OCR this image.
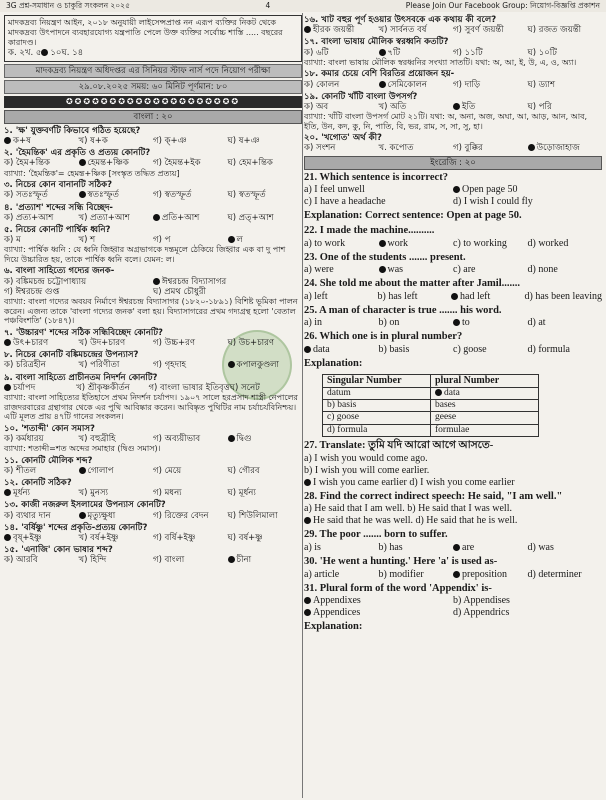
3G প্রশ্ন-সমাধান ও চাকুরি সংকলন ২০২৫	4	Please Join Our Facebook Group: নিয়োগ-বিজ্ঞপ্তি প্রকাশন
মাদকদ্রব্য নিয়ন্ত্রণ আইন, ২০১৮ অনুযায়ী লাইসেন্সপ্রাপ্ত নন এরূপ ব্যক্তির নিকট থেকে মাদকদ্রব্য উৎপাদনে ব্যবহারযোগ্য যন্ত্রপাতি পেলে উক্ত ব্যক্তির সর্বোচ্চ শাস্তি ..... বছরের কারাদণ্ড।
ক. ২ খ. ৫	১০ ঘ. ১৪
মাদকদ্রব্য নিয়ন্ত্রণ অধিদপ্তর এর সিনিয়র স্টাফ নার্স পদে নিয়োগ পরীক্ষা
২৯.০৮.২০২৫ সময়: ৬০ মিনিট পূর্ণমান: ৮০
✪✪✪✪✪✪✪✪✪✪✪✪✪✪✪✪✪✪✪✪
বাংলা : ২০
১. 'ক্ষ' যুক্তবর্ণটি কিভাবে গঠিত হয়েছে?
ক+ষ	খ) ষ+ক	গ) ক্+ঞ	ঘ) ষ+ঞ
২. 'হৈমন্তিক' এর প্রকৃতি ও প্রত্যয় কোনটি?
ক) হৈম+ন্তিক	হেমন্ত+ষ্ণিক	গ) হৈমন্ত+ইক	ঘ) হেম+ন্তিক
ব্যাখ্যা: 'হৈমন্তিক'= হেমন্ত+ষ্ণিক [সংস্কৃত তদ্ধিত প্রত্যয়]
৩. নিচের কোন বানানটি সঠিক?
ক) সতঃস্ফূর্ত	স্বতঃস্ফূর্ত	গ) স্বতস্ফূর্ত	ঘ) স্বতস্ফূর্ত
৪. 'প্রত্যাশ' শব্দের সন্ধি বিচ্ছেদ-
ক) প্রত্য+আশ	খ) প্রত্যা+আশ	প্রতি+আশ	ঘ) প্রত্+আশ
৫. নিচের কোনটি পার্শ্বিক ধ্বনি?
ক) ম	খ) শ	গ) প	ল
ব্যাখ্যা: পার্শ্বিক ধ্বনি : যে ধ্বনি জিহ্বার অগ্রভাগকে দন্তমূলে ঠেকিয়ে জিহ্বার এক বা দু পাশ দিয়ে উচ্চারিত হয়, তাকে পার্শ্বিক ধ্বনি বলে। যেমন: ল।
৬. বাংলা সাহিত্যে গদ্যের জনক-
ক) বঙ্কিমচন্দ্র চট্টোপাধ্যায়	ঈশ্বরচন্দ্র বিদ্যাসাগর
গ) ঈশ্বরচন্দ্র গুপ্ত	ঘ) প্রমথ চৌধুরী
ব্যাখ্যা: বাংলা গদ্যের অবয়ব নির্মাণে ঈশ্বরচন্দ্র বিদ্যাসাগর (১৮২০-১৮৯১) বিশিষ্ট ভূমিকা পালন করেন। এজন্য তাকে 'বাংলা গদ্যের জনক' বলা হয়। বিদ্যাসাগরের প্রথম গদ্যগ্রন্থ হলো 'বেতাল পঞ্চবিংশতি' (১৮৪৭)।
৭. 'উচ্চারণ' শব্দের সঠিক সন্ধিবিচ্ছেদ কোনটি?
উৎ+চারণ	খ) উদ+চারণ	গ) উচ্চ+রণ	ঘ) উচ+চারণ
৮. নিচের কোনটি বঙ্কিমচন্দ্রের উপন্যাস?
ক) চরিত্রহীন	খ) পরিণীতা	গ) গৃহদাহ	কপালকুণ্ডলা
৯. বাংলা সাহিত্যে প্রাচীনতম নিদর্শন কোনটি?
চর্যাপদ	খ) শ্রীকৃষ্ণকীর্তন	গ) বাংলা ভাষার ইতিবৃত্ত ঘ) সনেট
ব্যাখ্যা: বাংলা সাহিত্যের ইতিহাসে প্রথম নিদর্শন চর্যাপদ। ১৯০৭ সালে হরপ্রসাদ শাস্ত্রী নেপালের রাজদরবারের গ্রন্থাগার থেকে এর পুথি আবিষ্কার করেন। আবিষ্কৃত পুথিটির নাম চর্যাচর্যবিনিশ্চয়। এটি মূলত প্রায় ৪৭টি গানের সংকলন।
১০. 'শতাব্দী' কোন সমাস?
ক) কর্মধারয়	খ) বহুব্রীহি	গ) অব্যয়ীভাব	দ্বিগু
ব্যাখ্যা: শতাব্দী=শত অব্দের সমাহার (দ্বিগু সমাস)।
১১. কোনটি মৌলিক শব্দ?
ক) শীতল	গোলাপ	গ) মেয়ে	ঘ) গৌরব
১২. কোনটি সঠিক?
মূর্ধন্য	খ) মুনস্য	গ) মধন্য	ঘ) মূর্ধন্য
১৩. কাজী নজরুল ইসলামের উপন্যাস কোনটি?
ক) ব্যথার দান	মৃত্যুক্ষুধা	গ) রিক্তের বেদন	ঘ) শিউলিমালা
১৪. 'বর্ষিষ্ণু' শব্দের প্রকৃতি-প্রত্যয় কোনটি?
বৃষ্+ইষ্ণু	খ) বর্ষ+ইষ্ণু	গ) বর্ষি+ইষ্ণু	ঘ) বর্ষ+ষ্ণু
১৫. 'এনাজি' কোন ভাষার শব্দ?
ক) আরবি	খ) হিন্দি	গ) বাংলা	চীনা
১৬. খাট বহুর পূর্ণ হওয়ার উৎসবকে এক কথায় কী বলে?
হীরক জয়ন্তী	খ) সার্বনত বর্ষ	গ) সুবর্ণ জয়ন্তী	ঘ) রজত জয়ন্তী
১৭. বাংলা ভাষায় মৌলিক স্বরধ্বনি কতটি?
ক) ৬টি	৭টি	গ) ১১টি	ঘ) ১০টি
ব্যাখ্যা: বাংলা ভাষায় মৌলিক স্বরধ্বনির সংখ্যা সাতটি। যথা: অ, আ, ই, উ, এ, ও, অ্যা।
১৮. কমার চেয়ে বেশি বিরতির প্রয়োজন হয়-
ক) কোলন	সেমিকোলন	গ) দাড়ি	ঘ) ড্যাশ
১৯. কোনটি খাঁটি বাংলা উপসর্গ?
ক) অব	খ) অতি	ইতি	ঘ) পরি
ব্যাখ্যা: খাঁটি বাংলা উপসর্গ মোট ২১টি। যথা: অ, অনা, অজ, অঘা, আ, আড়, আন, আব, ইতি, উন, কদ, কু, নি, পাতি, বি, ভর, রাম, স, সা, সু, হা।
২০. 'খগোত' অর্থ কী?
ক) সংশন	খ. কপোত	গ) বুক্কির	উড়োজাহাজ
ইংরেজি : ২০
21. Which sentence is incorrect?
a) I feel unwell	Open page 50
c) I have a headache	d) I wish I could fly
Explanation: Correct sentence: Open at page 50.
22. I made the machine..........
a) to work	work	c) to working	d) worked
23. One of the students ....... present.
a) were	was	c) are	d) none
24. She told me about the matter after Jamil.......
a) left	b) has left	had left	d) has been leaving
25. A man of character is true ....... his word.
a) in	b) on	to	d) at
26. Which one is in plural number?
data	b) basis	c) goose	d) formula
Explanation:
Singular Number	plural Number
datum	data
b) basis	bases
c) goose	geese
d) formula	formulae
27. Translate: তুমি যদি আরো আগে আসতে-
a) I wish you would come ago.
b) I wish you will come earlier.
I wish you came earlier d) I wish you come earlier
28. Find the correct indirect speech: He said, "I am well."
a) He said that I am well. b) He said that I was well.
He said that he was well. d) He said that he is well.
29. The poor ....... born to suffer.
a) is	b) has	are	d) was
30. 'He went a hunting.' Here 'a' is used as-
a) article	b) modifier	preposition	d) determiner
31. Plural form of the word 'Appendix' is-
Appendixes	b) Appendises
Appendices	d) Appendrics
Explanation:
